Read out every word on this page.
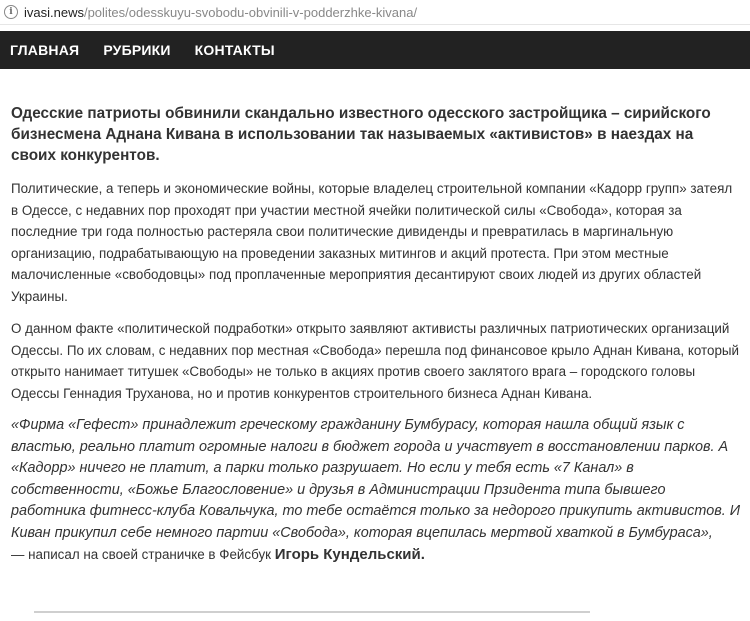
i ivasi.news/polites/odesskuyu-svobodu-obvinili-v-podderzhke-kivana/
ГЛАВНАЯ РУБРИКИ КОНТАКТЫ

Одесские патриоты обвинили скандально известного одесского застройщика – сирийского бизнесмена Аднана Кивана в использовании так называемых «активистов» в наездах на своих конкурентов.

Политические, а теперь и экономические войны, которые владелец строительной компании «Кадорр групп» затеял в Одессе, с недавних пор проходят при участии местной ячейки политической силы «Свобода», которая за последние три года полностью растеряла свои политические дивиденды и превратилась в маргинальную организацию, подрабатывающую на проведении заказных митингов и акций протеста. При этом местные малочисленные «свободовцы» под проплаченные мероприятия десантируют своих людей из других областей Украины.

О данном факте «политической подработки» открыто заявляют активисты различных патриотических организаций Одессы. По их словам, с недавних пор местная «Свобода» перешла под финансовое крыло Аднан Кивана, который открыто нанимает титушек «Свободы» не только в акциях против своего заклятого врага – городского головы Одессы Геннадия Труханова, но и против конкурентов строительного бизнеса Аднан Кивана.

«Фирма «Гефест» принадлежит греческому гражданину Бумбурасу, которая нашла общий язык с властью, реально платит огромные налоги в бюджет города и участвует в восстановлении парков. А «Кадорр» ничего не платит, а парки только разрушает. Но если у тебя есть «7 Канал» в собственности, «Божье Благословение» и друзья в Администрации Прзидента типа бывшего работника фитнесс-клуба Ковальчука, то тебе остаётся только за недорого прикупить активистов. И Киван прикупил себе немного партии «Свобода», которая вцепилась мертвой хваткой в Бумбураса»,

— написал на своей страничке в Фейсбук Игорь Кундельский.
